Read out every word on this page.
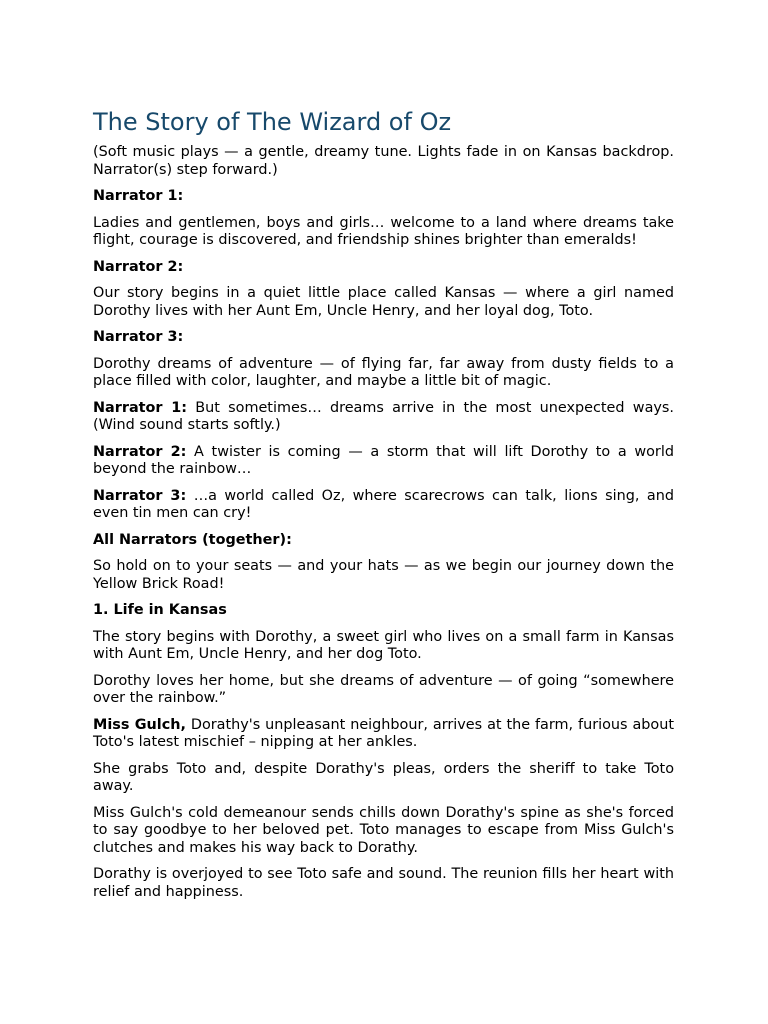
The Story of The Wizard of Oz

(Soft music plays — a gentle, dreamy tune. Lights fade in on Kansas backdrop. Narrator(s) step forward.)

Narrator 1:

Ladies and gentlemen, boys and girls… welcome to a land where dreams take flight, courage is discovered, and friendship shines brighter than emeralds!

Narrator 2:

Our story begins in a quiet little place called Kansas — where a girl named Dorothy lives with her Aunt Em, Uncle Henry, and her loyal dog, Toto.

Narrator 3:

Dorothy dreams of adventure — of flying far, far away from dusty fields to a place filled with color, laughter, and maybe a little bit of magic.

Narrator 1: But sometimes… dreams arrive in the most unexpected ways. (Wind sound starts softly.)

Narrator 2: A twister is coming — a storm that will lift Dorothy to a world beyond the rainbow…

Narrator 3: …a world called Oz, where scarecrows can talk, lions sing, and even tin men can cry!

All Narrators (together):

So hold on to your seats — and your hats — as we begin our journey down the Yellow Brick Road!

1. Life in Kansas

The story begins with Dorothy, a sweet girl who lives on a small farm in Kansas with Aunt Em, Uncle Henry, and her dog Toto.

Dorothy loves her home, but she dreams of adventure — of going “somewhere over the rainbow.”

Miss Gulch, Dorathy's unpleasant neighbour, arrives at the farm, furious about Toto's latest mischief – nipping at her ankles.

She grabs Toto and, despite Dorathy's pleas, orders the sheriff to take Toto away.

Miss Gulch's cold demeanour sends chills down Dorathy's spine as she's forced to say goodbye to her beloved pet. Toto manages to escape from Miss Gulch's clutches and makes his way back to Dorathy.

Dorathy is overjoyed to see Toto safe and sound. The reunion fills her heart with relief and happiness.
